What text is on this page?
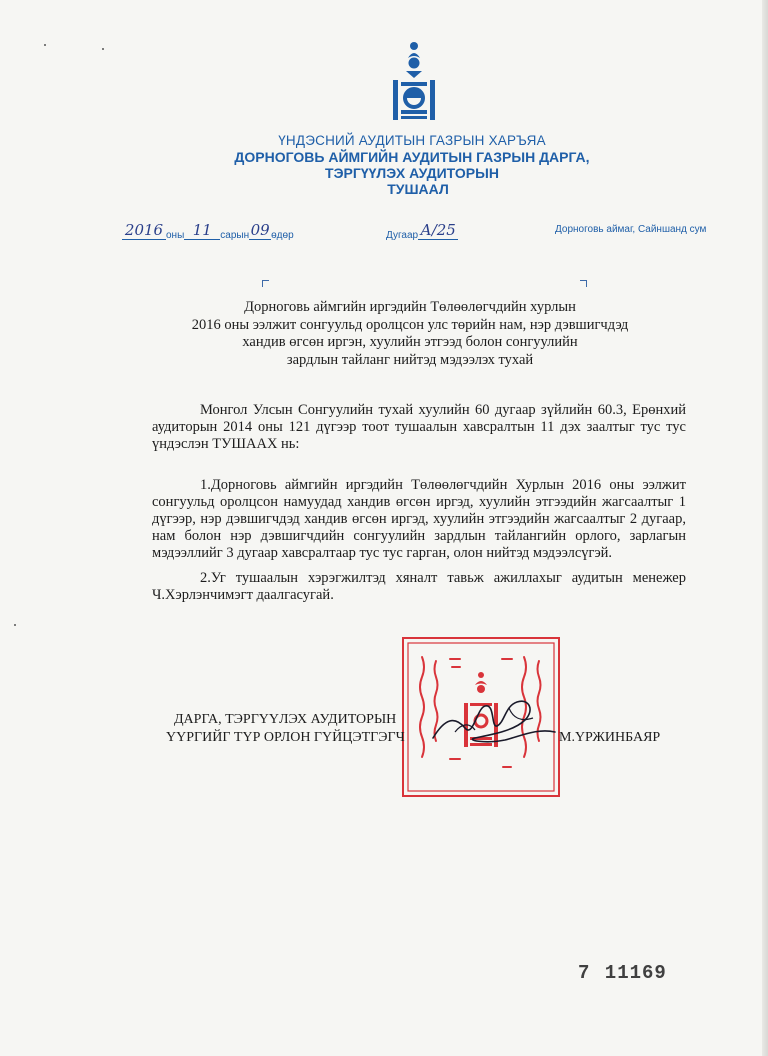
ҮНДЭСНИЙ АУДИТЫН ГАЗРЫН ХАРЪЯА
ДОРНОГОВЬ АЙМГИЙН АУДИТЫН ГАЗРЫН ДАРГА,
ТЭРГҮҮЛЭХ АУДИТОРЫН
ТУШААЛ
2016 оны 11 сарын09өдөр	Дугаар А/25	Дорноговь аймаг, Сайншанд сум
Дорноговь аймгийн иргэдийн Төлөөлөгчдийн хурлын
2016 оны ээлжит сонгуульд оролцсон улс төрийн нам, нэр дэвшигчдэд
хандив өгсөн иргэн, хуулийн этгээд болон сонгуулийн
зардлын тайланг нийтэд мэдээлэх тухай
Монгол Улсын Сонгуулийн тухай хуулийн 60 дугаар зүйлийн 60.3, Ерөнхий аудиторын 2014 оны 121 дүгээр тоот тушаалын хавсралтын 11 дэх заалтыг тус тус үндэслэн ТУШААХ нь:
1.Дорноговь аймгийн иргэдийн Төлөөлөгчдийн Хурлын 2016 оны ээлжит сонгуульд оролцсон намуудад хандив өгсөн иргэд, хуулийн этгээдийн жагсаалтыг 1 дүгээр, нэр дэвшигчдэд хандив өгсөн иргэд, хуулийн этгээдийн жагсаалтыг 2 дугаар, нам болон нэр дэвшигчдийн сонгуулийн зардлын тайлангийн орлого, зарлагын мэдээллийг 3 дугаар хавсралтаар тус тус гарган, олон нийтэд мэдээлсүгэй.
2.Уг тушаалын хэрэгжилтэд хяналт тавьж ажиллахыг аудитын менежер Ч.Хэрлэнчимэгт даалгасугай.
ДАРГА, ТЭРГҮҮЛЭХ АУДИТОРЫН
ҮҮРГИЙГ ТҮР ОРЛОН ГҮЙЦЭТГЭГЧ	М.ҮРЖИНБАЯР
7   11169
